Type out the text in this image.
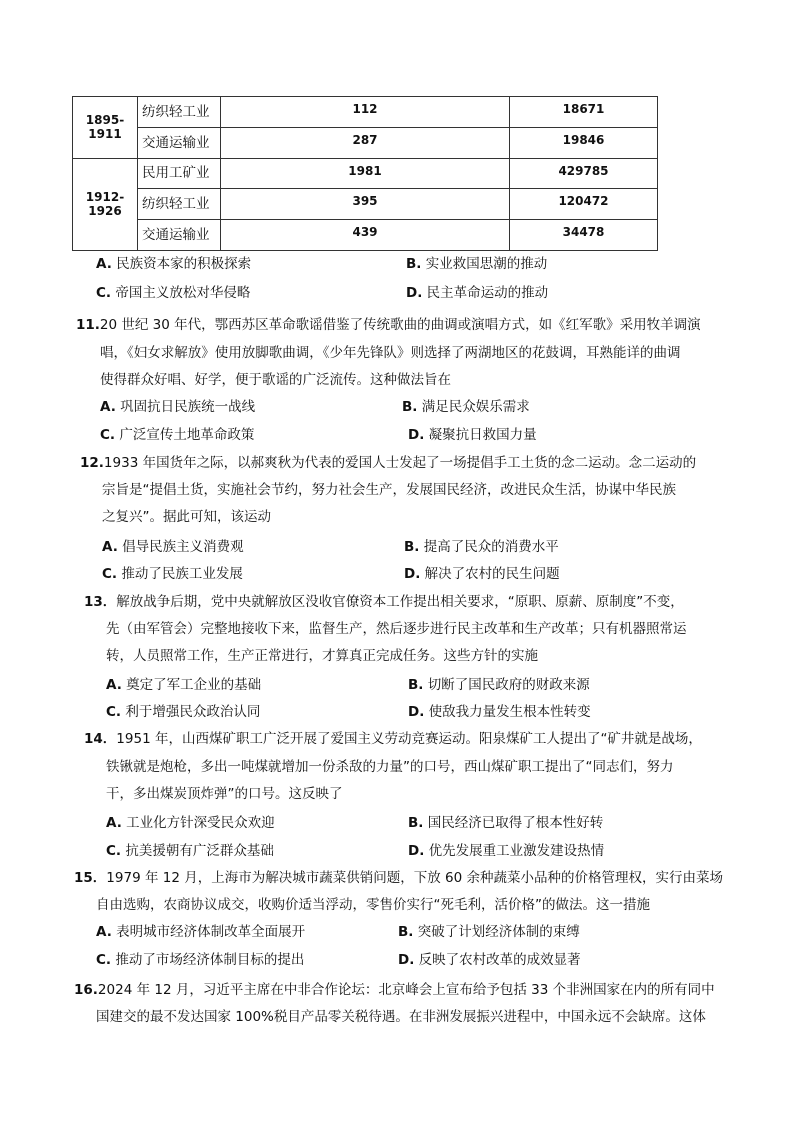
1895-1911	纺织轻工业	112	18671
	交通运输业	287	19846
1912-1926	民用工矿业	1981	429785
	纺织轻工业	395	120472
	交通运输业	439	34478
A. 民族资本家的积极探索	B. 实业救国思潮的推动
C. 帝国主义放松对华侵略	D. 民主革命运动的推动
11.20 世纪 30 年代，鄂西苏区革命歌谣借鉴了传统歌曲的曲调或演唱方式，如《红军歌》采用牧羊调演
唱，《妇女求解放》使用放脚歌曲调，《少年先锋队》则选择了两湖地区的花鼓调，耳熟能详的曲调
使得群众好唱、好学，便于歌谣的广泛流传。这种做法旨在
A. 巩固抗日民族统一战线	B. 满足民众娱乐需求
C. 广泛宣传土地革命政策	D. 凝聚抗日救国力量
12.1933 年国货年之际，以郝爽秋为代表的爱国人士发起了一场提倡手工土货的念二运动。念二运动的
宗旨是“提倡土货，实施社会节约，努力社会生产，发展国民经济，改进民众生活，协谋中华民族
之复兴”。据此可知，该运动
A. 倡导民族主义消费观	B. 提高了民众的消费水平
C. 推动了民族工业发展	D. 解决了农村的民生问题
13．解放战争后期，党中央就解放区没收官僚资本工作提出相关要求，“原职、原薪、原制度”不变，
先（由军管会）完整地接收下来，监督生产，然后逐步进行民主改革和生产改革；只有机器照常运
转，人员照常工作，生产正常进行，才算真正完成任务。这些方针的实施
A. 奠定了军工企业的基础	B. 切断了国民政府的财政来源
C. 利于增强民众政治认同	D. 使敌我力量发生根本性转变
14．1951 年，山西煤矿职工广泛开展了爱国主义劳动竞赛运动。阳泉煤矿工人提出了“矿井就是战场，
铁锹就是炮枪，多出一吨煤就增加一份杀敌的力量”的口号，西山煤矿职工提出了“同志们，努力
干，多出煤炭顶炸弹”的口号。这反映了
A. 工业化方针深受民众欢迎	B. 国民经济已取得了根本性好转
C. 抗美援朝有广泛群众基础	D. 优先发展重工业激发建设热情
15．1979 年 12 月，上海市为解决城市蔬菜供销问题，下放 60 余种蔬菜小品种的价格管理权，实行由菜场
自由选购，农商协议成交，收购价适当浮动，零售价实行“死毛利，活价格”的做法。这一措施
A. 表明城市经济体制改革全面展开	B. 突破了计划经济体制的束缚
C. 推动了市场经济体制目标的提出	D. 反映了农村改革的成效显著
16.2024 年 12 月，习近平主席在中非合作论坛：北京峰会上宣布给予包括 33 个非洲国家在内的所有同中
国建交的最不发达国家 100%税目产品零关税待遇。在非洲发展振兴进程中，中国永远不会缺席。这体
